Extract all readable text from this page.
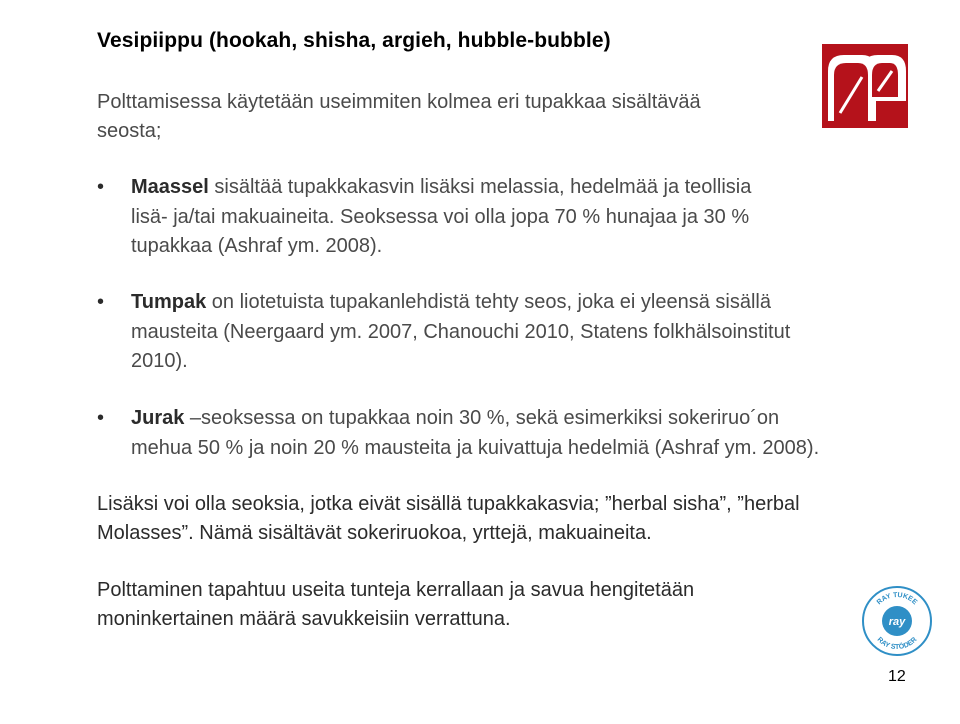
Vesipiippu (hookah, shisha, argieh, hubble-bubble)

Polttamisessa käytetään useimmiten kolmea eri tupakkaa sisältävää

seosta;

• Maassel sisältää tupakkakasvin lisäksi melassia, hedelmää ja teollisia
lisä- ja/tai makuaineita. Seoksessa voi olla jopa 70 % hunajaa ja 30 %
tupakkaa (Ashraf ym. 2008).
• Tumpak on liotetuista tupakanlehdistä tehty seos, joka ei yleensä sisällä
mausteita (Neergaard ym. 2007, Chanouchi 2010, Statens folkhälsoinstitut
2010).
• Jurak –seoksessa on tupakkaa noin 30 %, sekä esimerkiksi sokeriruo´on
mehua 50 % ja noin 20 % mausteita ja kuivattuja hedelmiä (Ashraf ym. 2008).

Lisäksi voi olla seoksia, jotka eivät sisällä tupakkakasvia; ”herbal sisha”, ”herbal

Molasses”. Nämä sisältävät sokeriruokoa, yrttejä, makuaineita.

Polttaminen tapahtuu useita tunteja kerrallaan ja savua hengitetään

moninkertainen määrä savukkeisiin verrattuna.

RAY TUKEE
ray
RAY STÖDER
12
